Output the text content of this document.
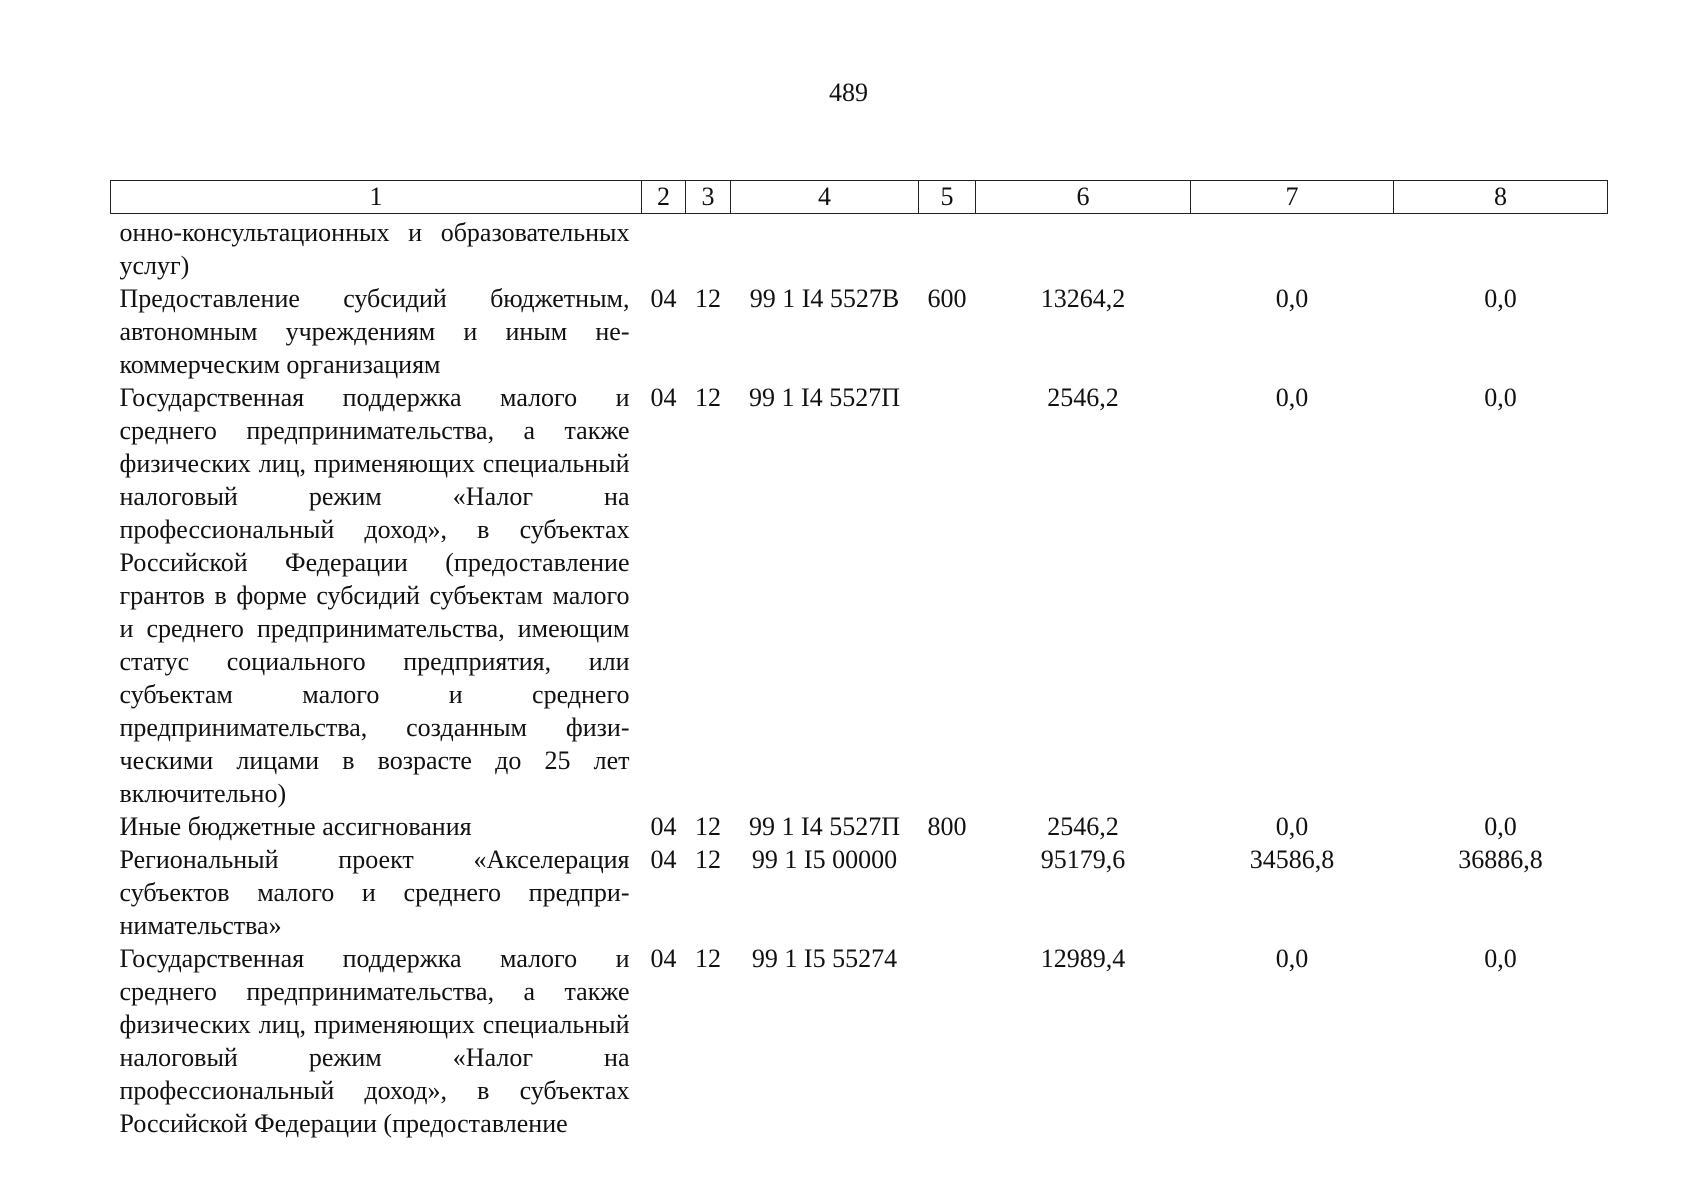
489
1	2	3	4	5	6	7	8
онно-консультационных и образовательных услуг)							
Предоставление субсидий бюджетным, автономным учреждениям и иным некоммерческим организациям	04	12	99 1 I4 5527В	600	13264,2	0,0	0,0
Государственная поддержка малого и среднего предпринимательства, а также физических лиц, применяющих специальный налоговый режим «Налог на профессиональный доход», в субъектах Российской Федерации (предоставление грантов в форме субсидий субъектам малого и среднего предпринимательства, имеющим статус социального предприятия, или субъектам малого и среднего предпринимательства, созданным физическими лицами в возрасте до 25 лет включительно)	04	12	99 1 I4 5527П		2546,2	0,0	0,0
Иные бюджетные ассигнования	04	12	99 1 I4 5527П	800	2546,2	0,0	0,0
Региональный проект «Акселерация субъектов малого и среднего предпринимательства»	04	12	99 1 I5 00000		95179,6	34586,8	36886,8
Государственная поддержка малого и среднего предпринимательства, а также физических лиц, применяющих специальный налоговый режим «Налог на профессиональный доход», в субъектах Российской Федерации (предоставление	04	12	99 1 I5 55274		12989,4	0,0	0,0
